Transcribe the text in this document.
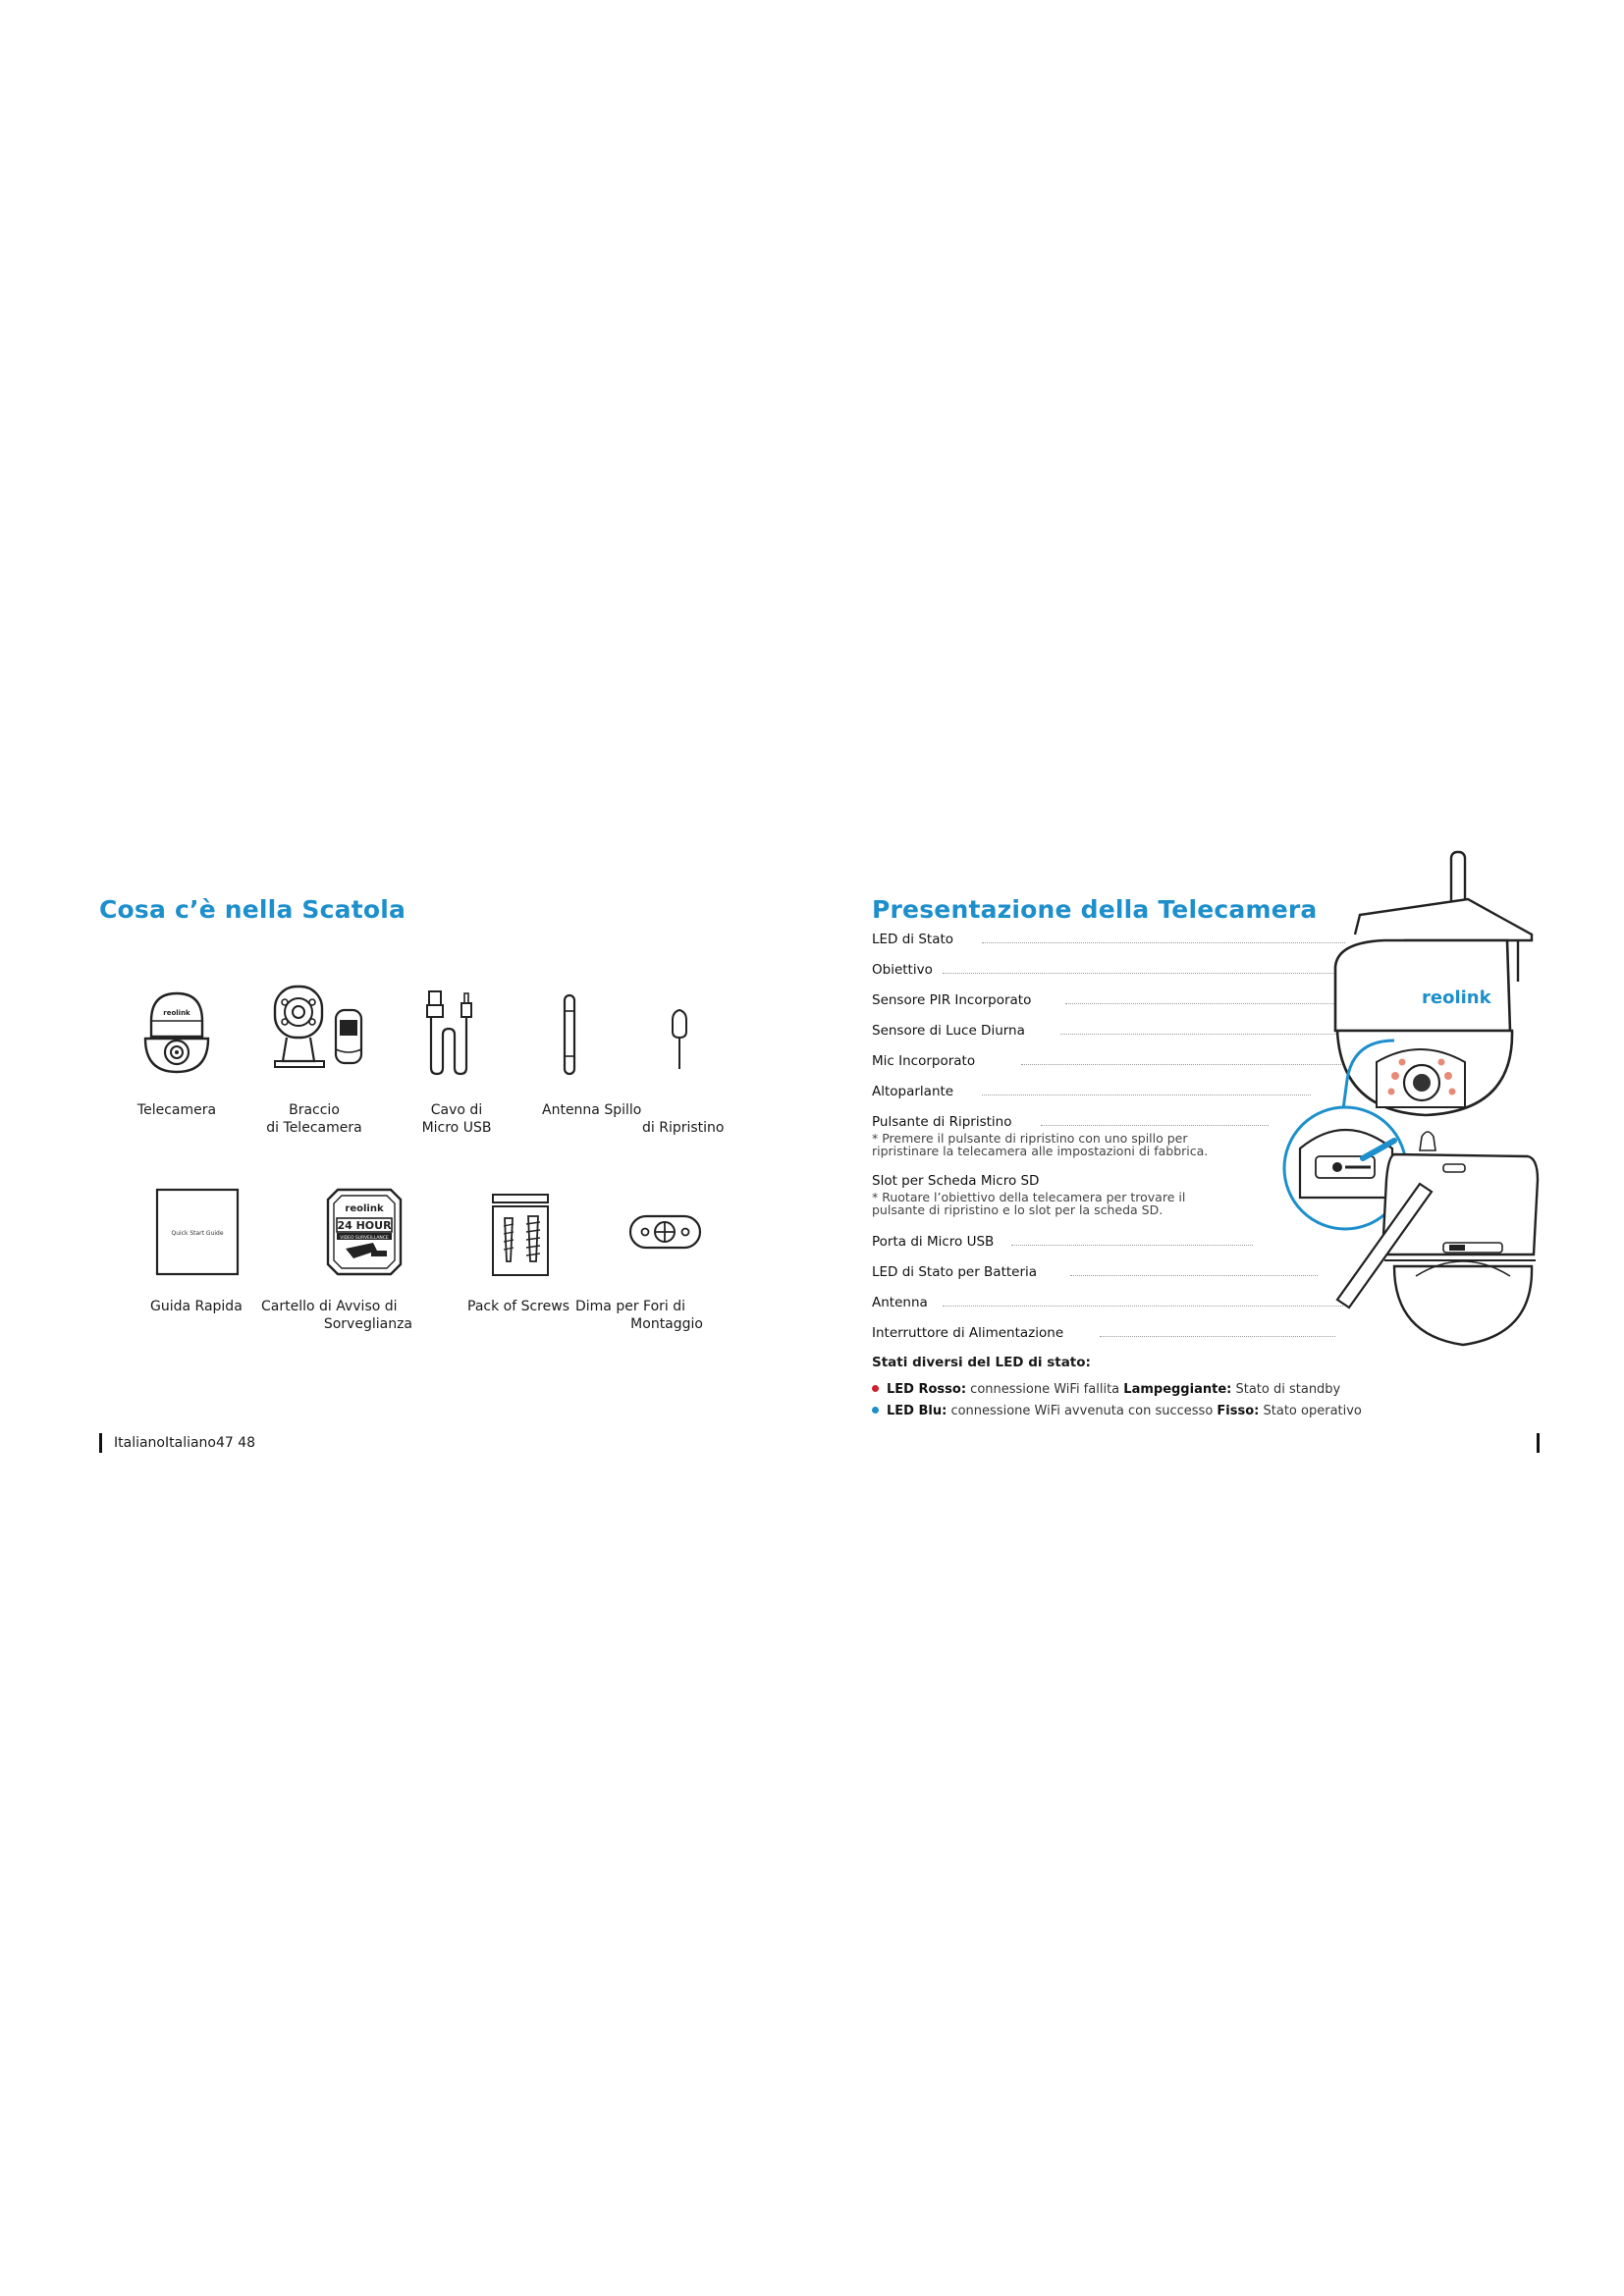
Cosa c’è nella Scatola
reolink
Telecamera	Braccio
di Telecamera
Cavo di
Micro USB
Antenna Spillo
di Ripristino
Quick Start Guide
reolink
24 HOUR
VIDEO SURVEILLANCE
Guida Rapida Cartello di Avviso di
Sorveglianza
Pack of Screws Dima per Fori di
Montaggio
ItalianoItaliano47 48
Presentazione della Telecamera
LED di Stato
Obiettivo
Sensore PIR Incorporato
Sensore di Luce Diurna
Mic Incorporato
Altoparlante
Pulsante di Ripristino
* Premere il pulsante di ripristino con uno spillo per
ripristinare la telecamera alle impostazioni di fabbrica.
Slot per Scheda Micro SD
* Ruotare l’obiettivo della telecamera per trovare il
pulsante di ripristino e lo slot per la scheda SD.
Porta di Micro USB
LED di Stato per Batteria
Antenna
Interruttore di Alimentazione
reolink
Stati diversi del LED di stato:
LED Rosso: connessione WiFi fallita Lampeggiante: Stato di standby
LED Blu: connessione WiFi avvenuta con successo Fisso: Stato operativo
